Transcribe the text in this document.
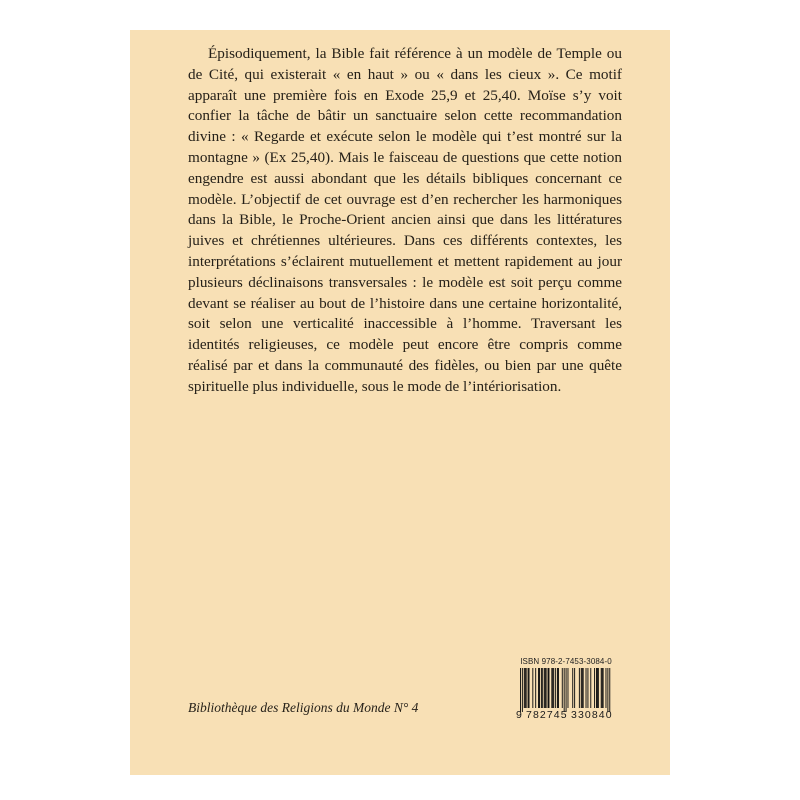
Épisodiquement, la Bible fait référence à un modèle de Temple ou de Cité, qui existerait « en haut » ou « dans les cieux ». Ce motif apparaît une première fois en Exode 25,9 et 25,40. Moïse s’y voit confier la tâche de bâtir un sanctuaire selon cette recommandation divine : « Regarde et exécute selon le modèle qui t’est montré sur la montagne » (Ex 25,40). Mais le faisceau de questions que cette notion engendre est aussi abondant que les détails bibliques concernant ce modèle. L’objectif de cet ouvrage est d’en rechercher les harmoniques dans la Bible, le Proche-Orient ancien ainsi que dans les littératures juives et chrétiennes ultérieures. Dans ces différents contextes, les interprétations s’éclairent mutuellement et mettent rapidement au jour plusieurs déclinaisons transversales : le modèle est soit perçu comme devant se réaliser au bout de l’histoire dans une certaine horizontalité, soit selon une verticalité inaccessible à l’homme. Traversant les identités religieuses, ce modèle peut encore être compris comme réalisé par et dans la communauté des fidèles, ou bien par une quête spirituelle plus individuelle, sous le mode de l’intériorisation.

Bibliothèque des Religions du Monde N° 4
ISBN 978-2-7453-3084-0
9 782745 330840
